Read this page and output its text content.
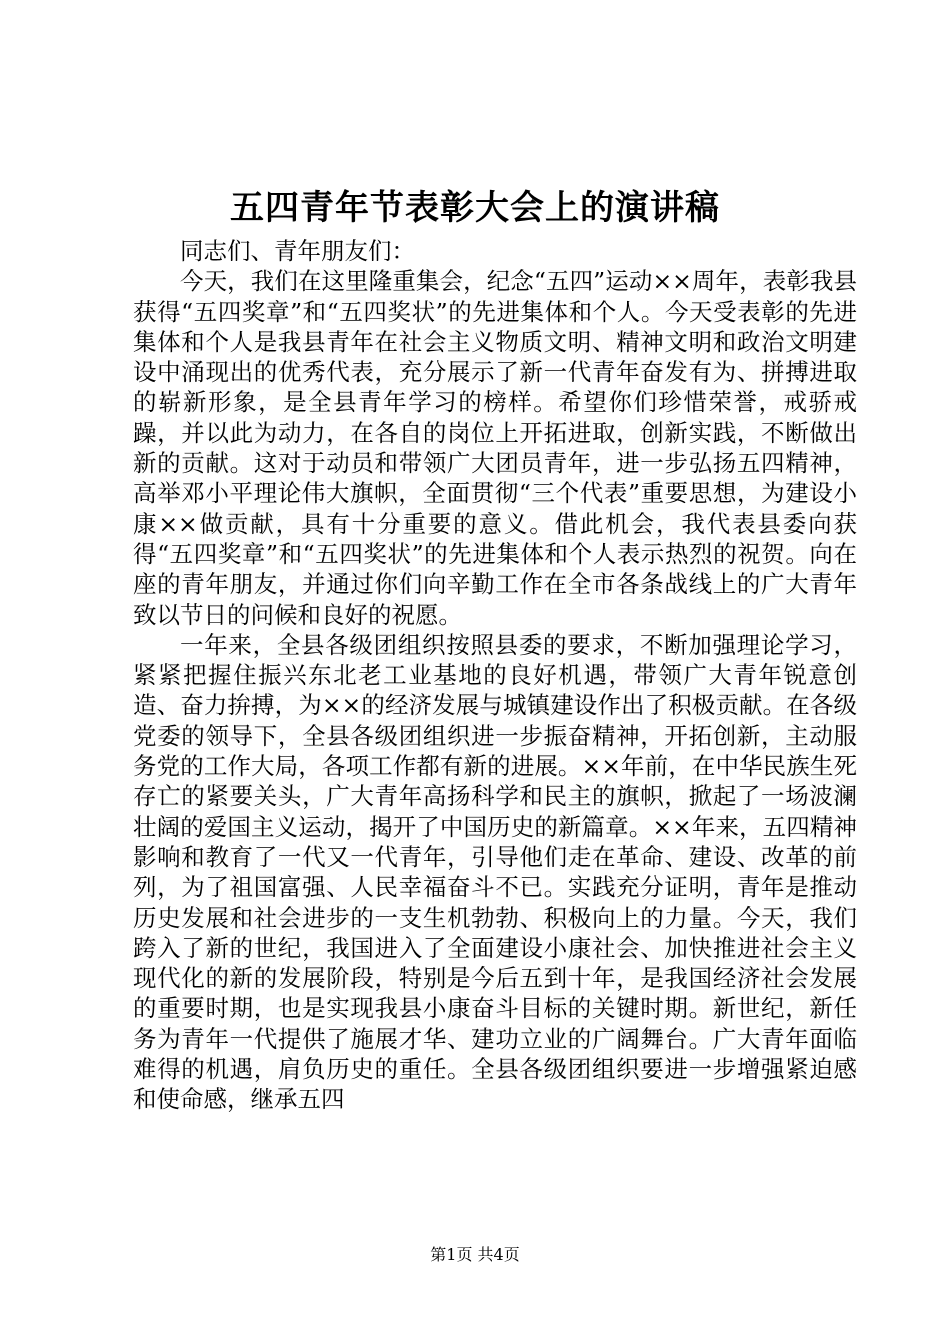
五四青年节表彰大会上的演讲稿

同志们、青年朋友们：

今天，我们在这里隆重集会，纪念“五四”运动××周年，表彰我县获得“五四奖章”和“五四奖状”的先进集体和个人。今天受表彰的先进集体和个人是我县青年在社会主义物质文明、精神文明和政治文明建设中涌现出的优秀代表，充分展示了新一代青年奋发有为、拼搏进取的崭新形象，是全县青年学习的榜样。希望你们珍惜荣誉，戒骄戒躁，并以此为动力，在各自的岗位上开拓进取，创新实践，不断做出新的贡献。这对于动员和带领广大团员青年，进一步弘扬五四精神，高举邓小平理论伟大旗帜，全面贯彻“三个代表”重要思想，为建设小康××做贡献，具有十分重要的意义。借此机会，我代表县委向获得“五四奖章”和“五四奖状”的先进集体和个人表示热烈的祝贺。向在座的青年朋友，并通过你们向辛勤工作在全市各条战线上的广大青年致以节日的问候和良好的祝愿。

一年来，全县各级团组织按照县委的要求，不断加强理论学习，紧紧把握住振兴东北老工业基地的良好机遇，带领广大青年锐意创造、奋力拚搏，为××的经济发展与城镇建设作出了积极贡献。在各级党委的领导下，全县各级团组织进一步振奋精神，开拓创新，主动服务党的工作大局，各项工作都有新的进展。××年前，在中华民族生死存亡的紧要关头，广大青年高扬科学和民主的旗帜，掀起了一场波澜壮阔的爱国主义运动，揭开了中国历史的新篇章。××年来，五四精神影响和教育了一代又一代青年，引导他们走在革命、建设、改革的前列，为了祖国富强、人民幸福奋斗不已。实践充分证明，青年是推动历史发展和社会进步的一支生机勃勃、积极向上的力量。今天，我们跨入了新的世纪，我国进入了全面建设小康社会、加快推进社会主义现代化的新的发展阶段，特别是今后五到十年，是我国经济社会发展的重要时期，也是实现我县小康奋斗目标的关键时期。新世纪，新任务为青年一代提供了施展才华、建功立业的广阔舞台。广大青年面临难得的机遇，肩负历史的重任。全县各级团组织要进一步增强紧迫感和使命感，继承五四

第1页 共4页
